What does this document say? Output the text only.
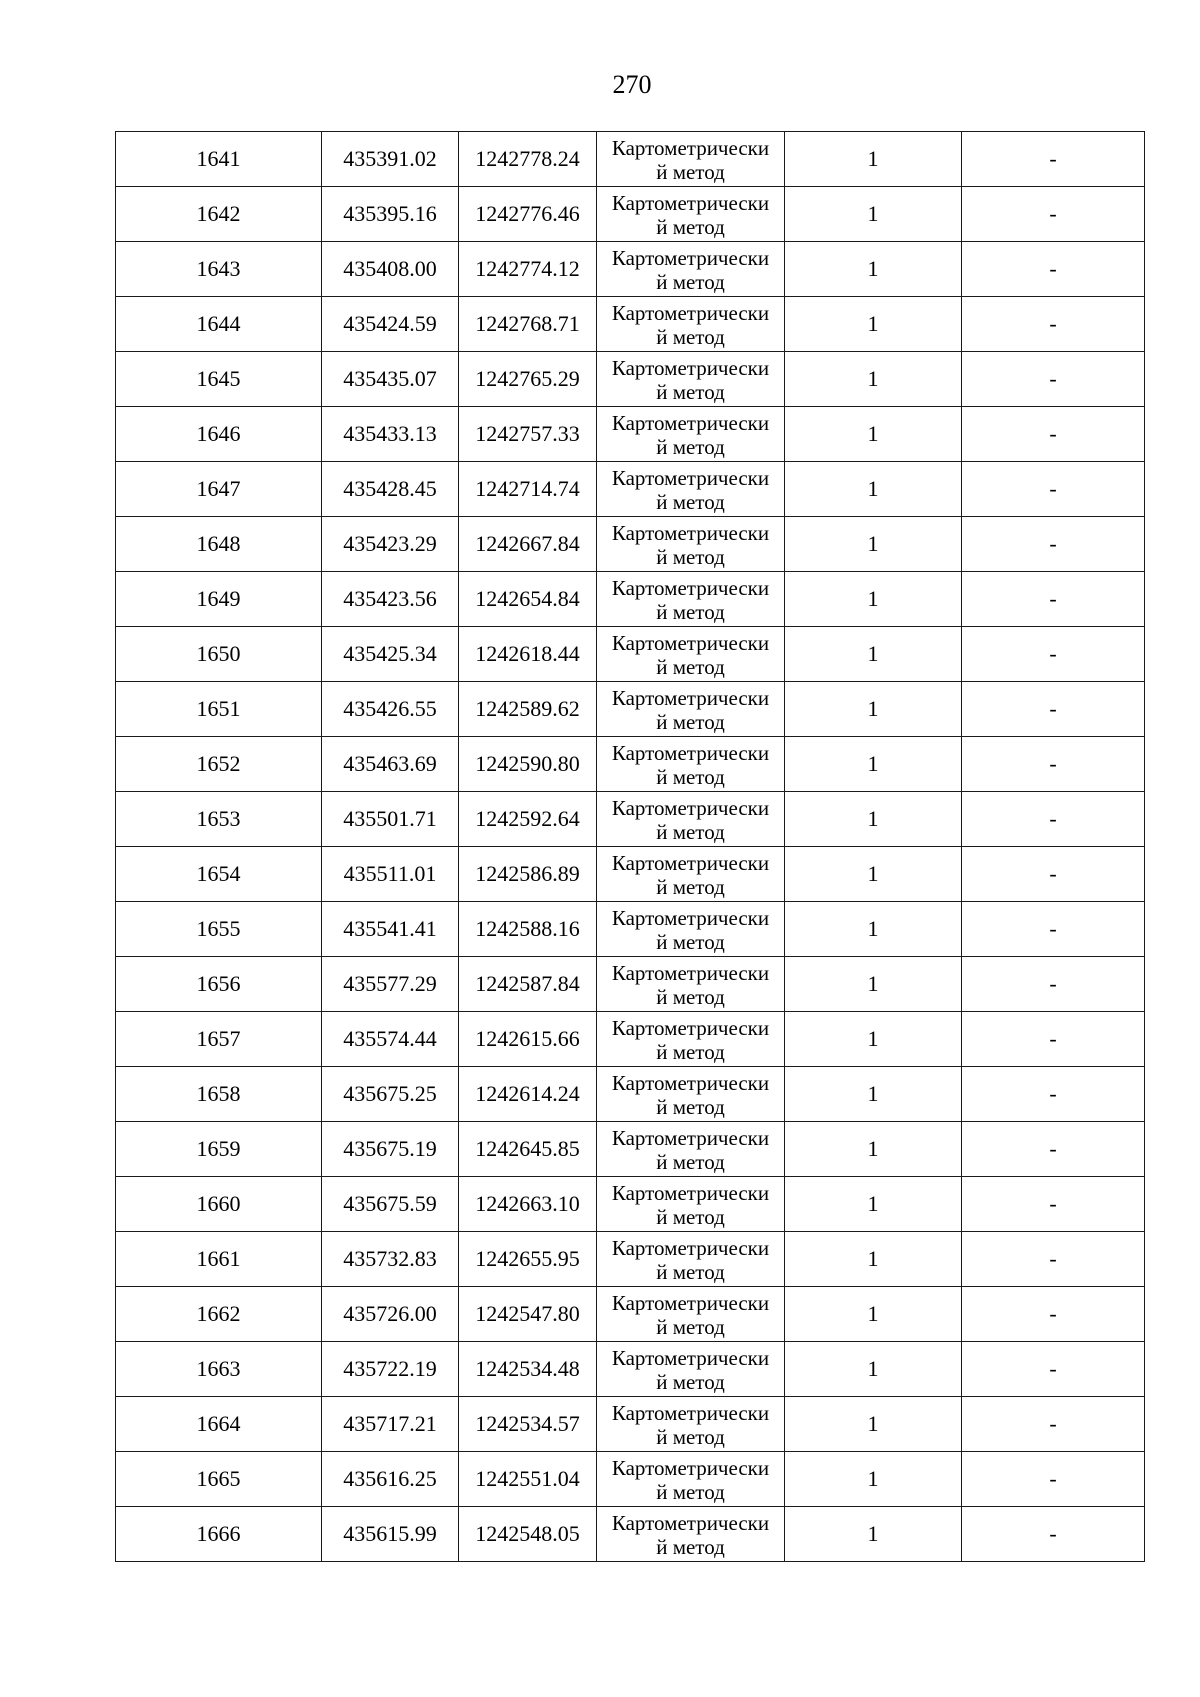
270
1641	435391.02	1242778.24	Картометрически
й метод	1	-
1642	435395.16	1242776.46	Картометрически
й метод	1	-
1643	435408.00	1242774.12	Картометрически
й метод	1	-
1644	435424.59	1242768.71	Картометрически
й метод	1	-
1645	435435.07	1242765.29	Картометрически
й метод	1	-
1646	435433.13	1242757.33	Картометрически
й метод	1	-
1647	435428.45	1242714.74	Картометрически
й метод	1	-
1648	435423.29	1242667.84	Картометрически
й метод	1	-
1649	435423.56	1242654.84	Картометрически
й метод	1	-
1650	435425.34	1242618.44	Картометрически
й метод	1	-
1651	435426.55	1242589.62	Картометрически
й метод	1	-
1652	435463.69	1242590.80	Картометрически
й метод	1	-
1653	435501.71	1242592.64	Картометрически
й метод	1	-
1654	435511.01	1242586.89	Картометрически
й метод	1	-
1655	435541.41	1242588.16	Картометрически
й метод	1	-
1656	435577.29	1242587.84	Картометрически
й метод	1	-
1657	435574.44	1242615.66	Картометрически
й метод	1	-
1658	435675.25	1242614.24	Картометрически
й метод	1	-
1659	435675.19	1242645.85	Картометрически
й метод	1	-
1660	435675.59	1242663.10	Картометрически
й метод	1	-
1661	435732.83	1242655.95	Картометрически
й метод	1	-
1662	435726.00	1242547.80	Картометрически
й метод	1	-
1663	435722.19	1242534.48	Картометрически
й метод	1	-
1664	435717.21	1242534.57	Картометрически
й метод	1	-
1665	435616.25	1242551.04	Картометрически
й метод	1	-
1666	435615.99	1242548.05	Картометрически
й метод	1	-
